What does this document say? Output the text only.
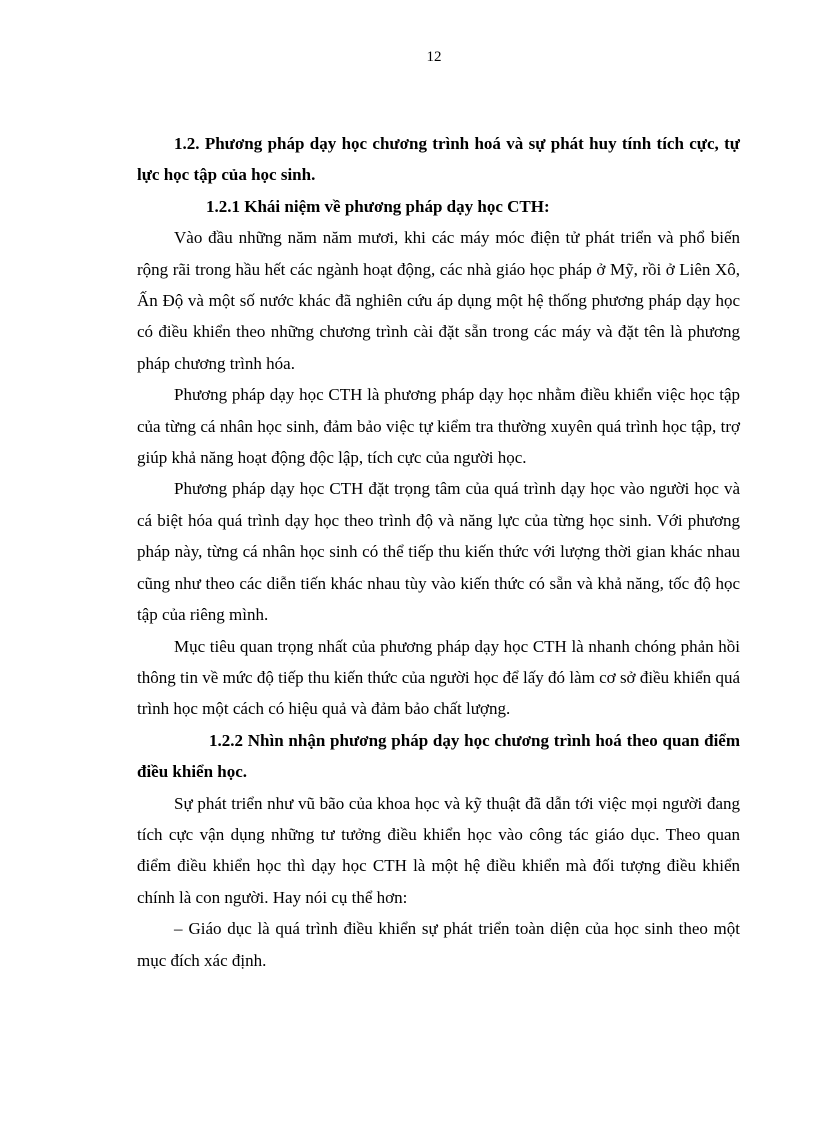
12

1.2. Phương pháp dạy học chương trình hoá và sự phát huy tính tích cực, tự lực học tập của học sinh.

1.2.1 Khái niệm về phương pháp dạy học CTH:

Vào đầu những năm năm mươi, khi các máy móc điện tử phát triển và phổ biến rộng rãi trong hầu hết các ngành hoạt động, các nhà giáo học pháp ở Mỹ, rồi ở Liên Xô, Ấn Độ và một số nước khác đã nghiên cứu áp dụng một hệ thống phương pháp dạy học có điều khiển theo những chương trình cài đặt sẵn trong các máy và đặt tên là phương pháp chương trình hóa.

Phương pháp dạy học CTH là phương pháp dạy học nhằm điều khiển việc học tập của từng cá nhân học sinh, đảm bảo việc tự kiểm tra thường xuyên quá trình học tập, trợ giúp khả năng hoạt động độc lập, tích cực của người học.

Phương pháp dạy học CTH đặt trọng tâm của quá trình dạy học vào người học và cá biệt hóa quá trình dạy học theo trình độ và năng lực của từng học sinh. Với phương pháp này, từng cá nhân học sinh có thể tiếp thu kiến thức với lượng thời gian khác nhau cũng như theo các diễn tiến khác nhau tùy vào kiến thức có sẵn và khả năng, tốc độ học tập của riêng mình.

Mục tiêu quan trọng nhất của phương pháp dạy học CTH là nhanh chóng phản hồi thông tin về mức độ tiếp thu kiến thức của người học để lấy đó làm cơ sở điều khiển quá trình học một cách có hiệu quả và đảm bảo chất lượng.

1.2.2 Nhìn nhận phương pháp dạy học chương trình hoá theo quan điểm điều khiển học.

Sự phát triển như vũ bão của khoa học và kỹ thuật đã dẫn tới việc mọi người đang tích cực vận dụng những tư tưởng điều khiển học vào công tác giáo dục. Theo quan điểm điều khiển học thì dạy học CTH là một hệ điều khiển mà đối tượng điều khiển chính là con người. Hay nói cụ thể hơn:

– Giáo dục là quá trình điều khiển sự phát triển toàn diện của học sinh theo một mục đích xác định.
